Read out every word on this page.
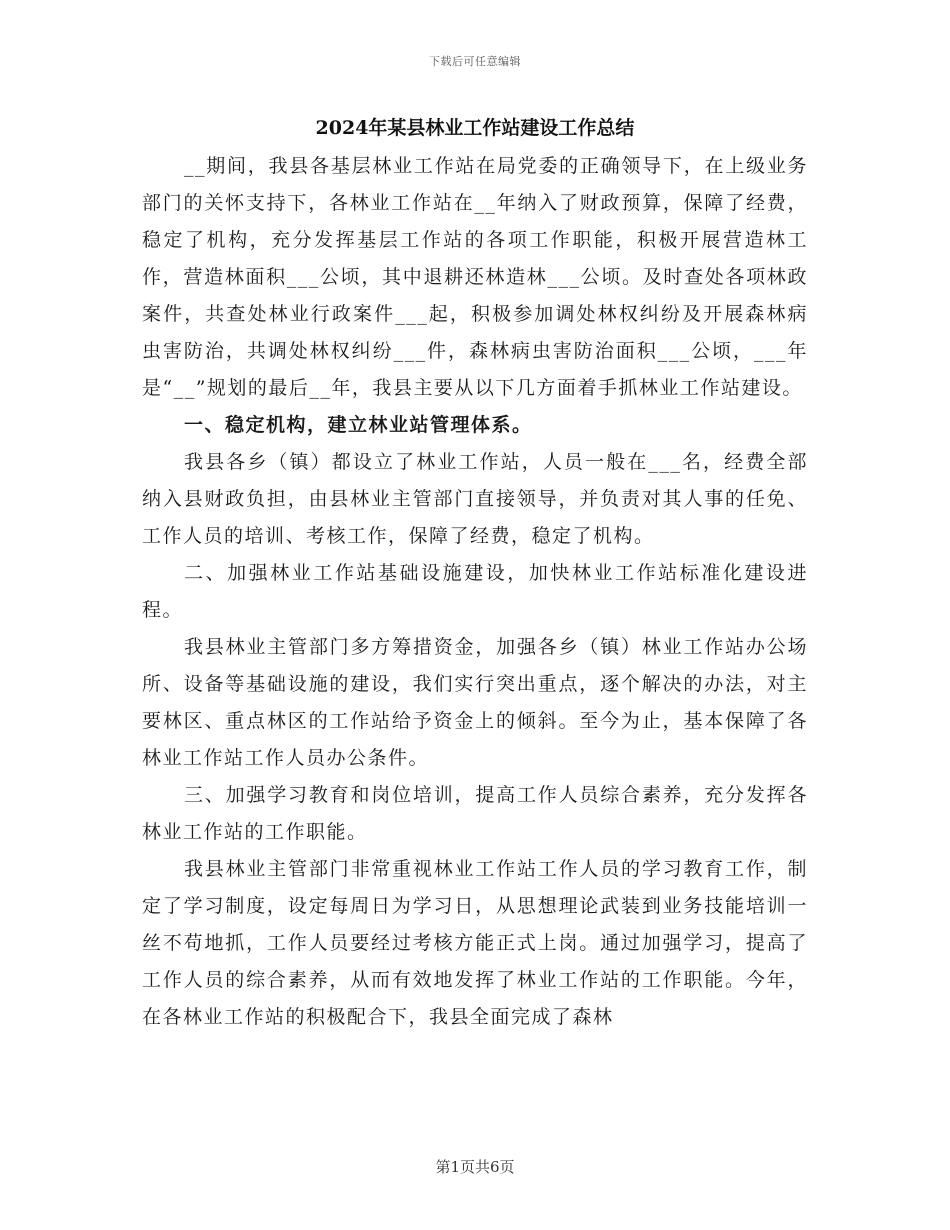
下载后可任意编辑
2024年某县林业工作站建设工作总结

__期间，我县各基层林业工作站在局党委的正确领导下，在上级业务部门的关怀支持下，各林业工作站在__年纳入了财政预算，保障了经费，稳定了机构，充分发挥基层工作站的各项工作职能，积极开展营造林工作，营造林面积___公顷，其中退耕还林造林___公顷。及时查处各项林政案件，共查处林业行政案件___起，积极参加调处林权纠纷及开展森林病虫害防治，共调处林权纠纷___件，森林病虫害防治面积___公顷，___年是“__”规划的最后__年，我县主要从以下几方面着手抓林业工作站建设。

一、稳定机构，建立林业站管理体系。

我县各乡（镇）都设立了林业工作站，人员一般在___名，经费全部纳入县财政负担，由县林业主管部门直接领导，并负责对其人事的任免、工作人员的培训、考核工作，保障了经费，稳定了机构。

二、加强林业工作站基础设施建设，加快林业工作站标准化建设进程。

我县林业主管部门多方筹措资金，加强各乡（镇）林业工作站办公场所、设备等基础设施的建设，我们实行突出重点，逐个解决的办法，对主要林区、重点林区的工作站给予资金上的倾斜。至今为止，基本保障了各林业工作站工作人员办公条件。

三、加强学习教育和岗位培训，提高工作人员综合素养，充分发挥各林业工作站的工作职能。

我县林业主管部门非常重视林业工作站工作人员的学习教育工作，制定了学习制度，设定每周日为学习日，从思想理论武装到业务技能培训一丝不苟地抓，工作人员要经过考核方能正式上岗。通过加强学习，提高了工作人员的综合素养，从而有效地发挥了林业工作站的工作职能。今年，在各林业工作站的积极配合下，我县全面完成了森林

第1页共6页
